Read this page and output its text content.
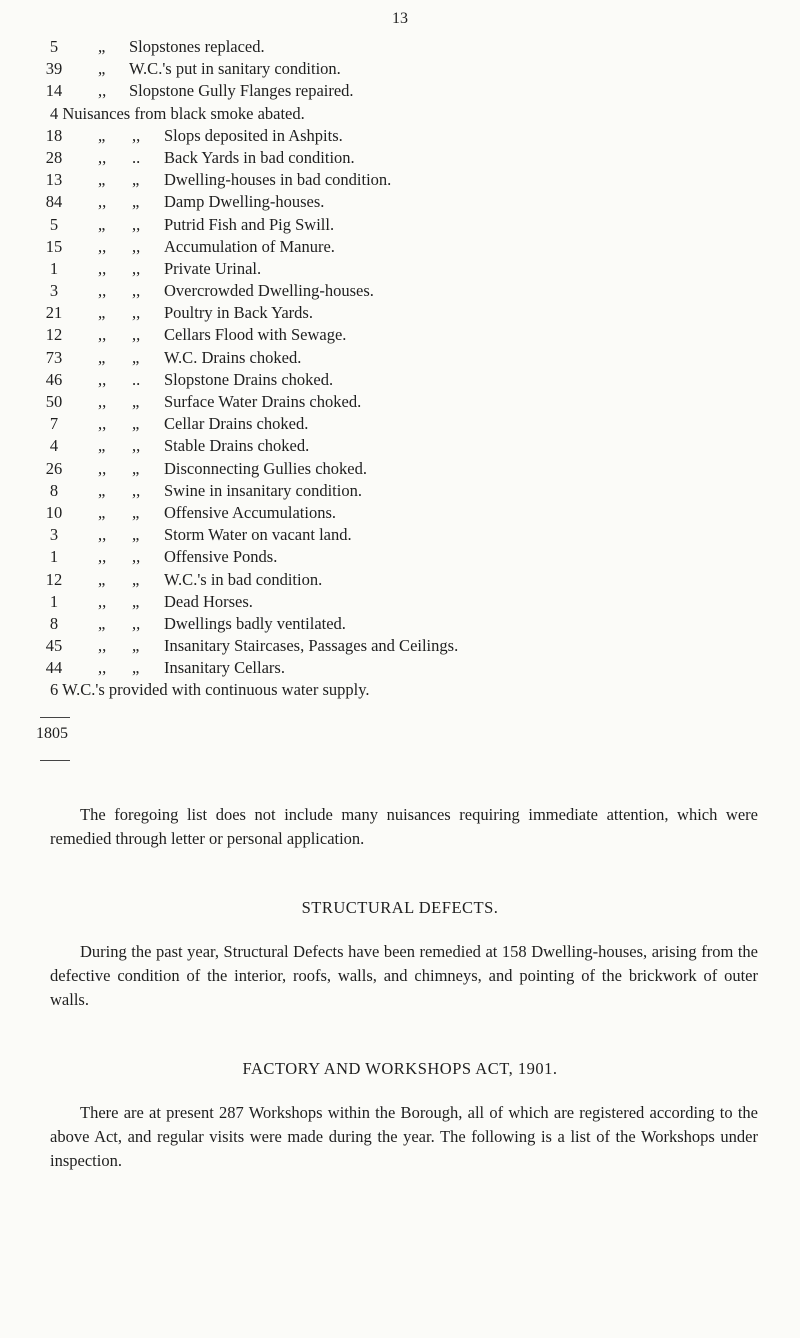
13
5	„ Slopstones replaced.
39	„ W.C.'s put in sanitary condition.
14	,, Slopstone Gully Flanges repaired.
4 Nuisances from black smoke abated.
18	„ ,, Slops deposited in Ashpits.
28	,, .. Back Yards in bad condition.
13	„ „ Dwelling-houses in bad condition.
84	,, „ Damp Dwelling-houses.
5	„ ,, Putrid Fish and Pig Swill.
15	,, ,, Accumulation of Manure.
1	,, ,, Private Urinal.
3	,, ,, Overcrowded Dwelling-houses.
21	„ ,, Poultry in Back Yards.
12	,, ,, Cellars Flood with Sewage.
73	„ „ W.C. Drains choked.
46	,, .. Slopstone Drains choked.
50	,, „ Surface Water Drains choked.
7	,, „ Cellar Drains choked.
4	„ ,, Stable Drains choked.
26	,, „ Disconnecting Gullies choked.
8	„ ,, Swine in insanitary condition.
10	„ „ Offensive Accumulations.
3	,, „ Storm Water on vacant land.
1	,, ,, Offensive Ponds.
12	„ „ W.C.'s in bad condition.
1	,, „ Dead Horses.
8	„ ,, Dwellings badly ventilated.
45	,, „ Insanitary Staircases, Passages and Ceilings.
44	,, „ Insanitary Cellars.
6 W.C.'s provided with continuous water supply.
1805

The foregoing list does not include many nuisances requiring immediate attention, which were remedied through letter or personal application.

STRUCTURAL DEFECTS.

During the past year, Structural Defects have been remedied at 158 Dwelling-houses, arising from the defective condition of the interior, roofs, walls, and chimneys, and pointing of the brickwork of outer walls.

FACTORY AND WORKSHOPS ACT, 1901.

There are at present 287 Workshops within the Borough, all of which are registered according to the above Act, and regular visits were made during the year. The following is a list of the Workshops under inspection.
